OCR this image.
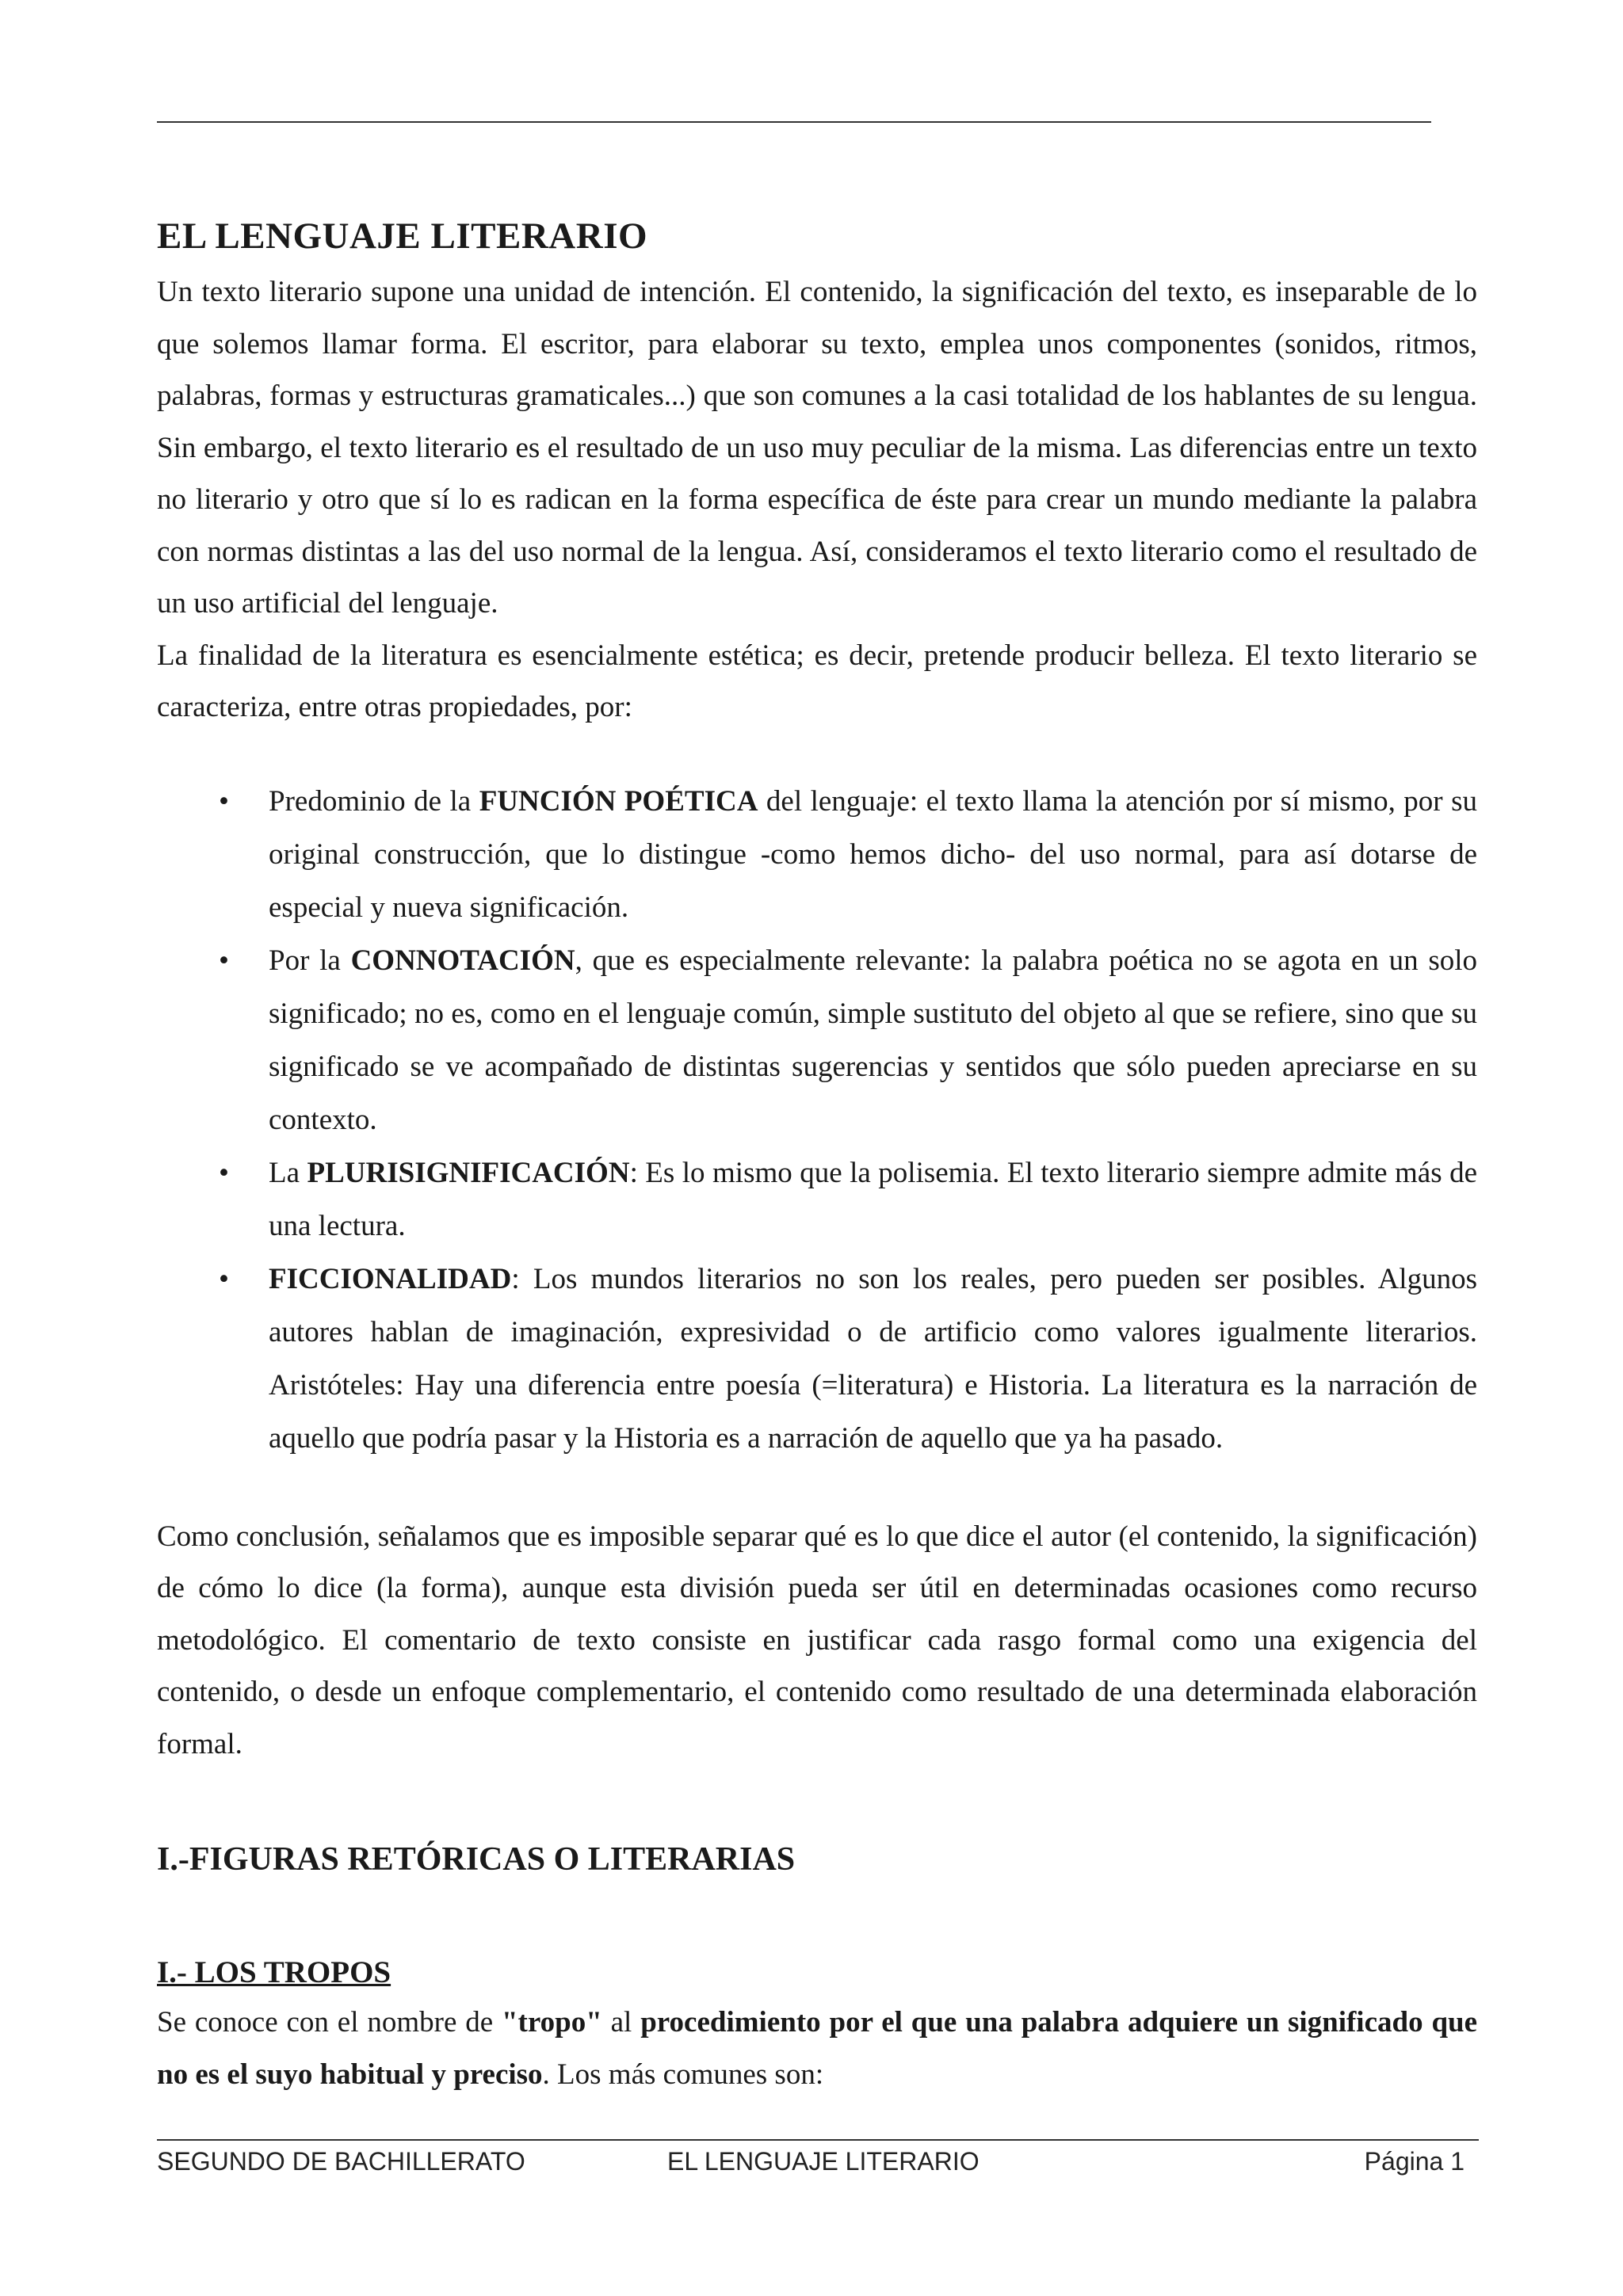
EL LENGUAJE LITERARIO

Un texto literario supone una unidad de intención. El contenido, la significación del texto, es inseparable de lo que solemos llamar forma. El escritor, para elaborar su texto, emplea unos componentes (sonidos, ritmos, palabras, formas y estructuras gramaticales...) que son comunes a la casi totalidad de los hablantes de su lengua. Sin embargo, el texto literario es el resultado de un uso muy peculiar de la misma. Las diferencias entre un texto no literario y otro que sí lo es radican en la forma específica de éste para crear un mundo mediante la palabra con normas distintas a las del uso normal de la lengua. Así, consideramos el texto literario como el resultado de un uso artificial del lenguaje.

La finalidad de la literatura es esencialmente estética; es decir, pretende producir belleza. El texto literario se caracteriza, entre otras propiedades, por:

• Predominio de la FUNCIÓN POÉTICA del lenguaje: el texto llama la atención por sí mismo, por su original construcción, que lo distingue -como hemos dicho- del uso normal, para así dotarse de especial y nueva significación.
• Por la CONNOTACIÓN, que es especialmente relevante: la palabra poética no se agota en un solo significado; no es, como en el lenguaje común, simple sustituto del objeto al que se refiere, sino que su significado se ve acompañado de distintas sugerencias y sentidos que sólo pueden apreciarse en su contexto.
• La PLURISIGNIFICACIÓN: Es lo mismo que la polisemia. El texto literario siempre admite más de una lectura.
• FICCIONALIDAD: Los mundos literarios no son los reales, pero pueden ser posibles. Algunos autores hablan de imaginación, expresividad o de artificio como valores igualmente literarios. Aristóteles: Hay una diferencia entre poesía (=literatura) e Historia. La literatura es la narración de aquello que podría pasar y la Historia es a narración de aquello que ya ha pasado.

Como conclusión, señalamos que es imposible separar qué es lo que dice el autor (el contenido, la significación) de cómo lo dice (la forma), aunque esta división pueda ser útil en determinadas ocasiones como recurso metodológico. El comentario de texto consiste en justificar cada rasgo formal como una exigencia del contenido, o desde un enfoque complementario, el contenido como resultado de una determinada elaboración formal.

I.-FIGURAS RETÓRICAS O LITERARIAS
I.- LOS TROPOS

Se conoce con el nombre de "tropo" al procedimiento por el que una palabra adquiere un significado que no es el suyo habitual y preciso. Los más comunes son:

SEGUNDO DE BACHILLERATO	EL LENGUAJE LITERARIO	Página 1
